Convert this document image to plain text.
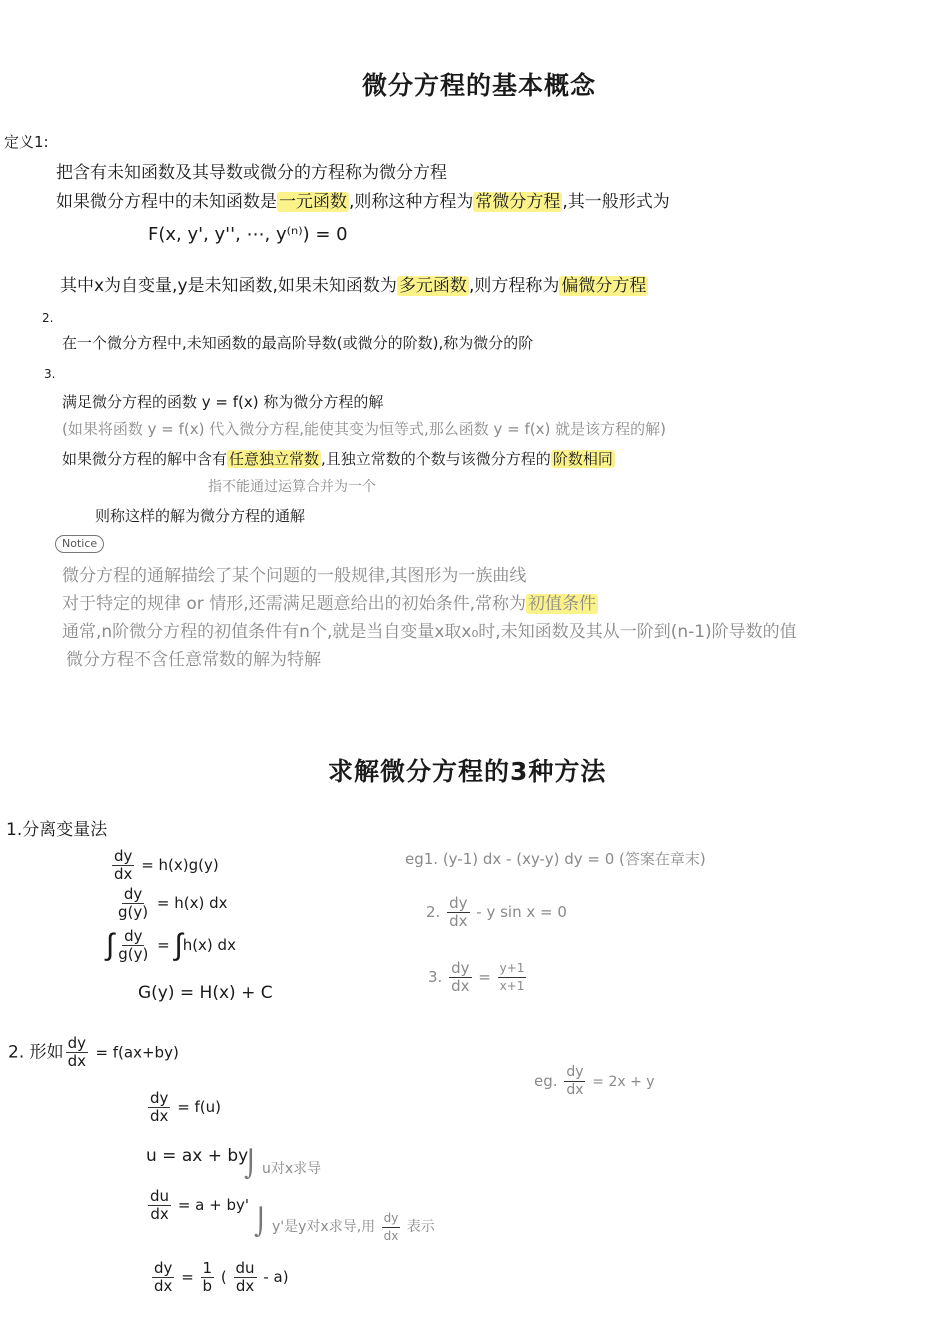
微分方程的基本概念
定义1:
把含有未知函数及其导数或微分的方程称为微分方程
如果微分方程中的未知函数是 一元函数 ,则称这种方程为 常微分方程 ,其一般形式为
F(x, y', y'', ⋯, y⁽ⁿ⁾) = 0
其中x为自变量,y是未知函数,如果未知函数为 多元函数 ,则方程称为 偏微分方程
2.
在一个微分方程中,未知函数的最高阶导数(或微分的阶数),称为微分的阶
3.
满足微分方程的函数 y = f(x) 称为微分方程的解
(如果将函数 y = f(x) 代入微分方程,能使其变为恒等式,那么函数 y = f(x) 就是该方程的解)
如果微分方程的解中含有 任意独立常数 ,且独立常数的个数与该微分方程的 阶数相同
指不能通过运算合并为一个
则称这样的解为微分方程的通解
Notice
微分方程的通解描绘了某个问题的一般规律,其图形为一族曲线
对于特定的规律 or 情形,还需满足题意给出的初始条件,常称为 初值条件
通常,n阶微分方程的初值条件有n个,就是当自变量x取x₀时,未知函数及其从一阶到(n-1)阶导数的值
微分方程不含任意常数的解为特解
求解微分方程的3种方法
1.分离变量法
$\frac{dy}{dx} = h(x)g(y)$
$\frac{dy}{g(y)} = h(x)$ dx
∫ $\frac{dy}{g(y)} = \int h(x)$ dx
G(y) = H(x) + C
eg1. (y-1) dx - (xy-y) dy = 0 (答案在章末)
2. $\frac{dy}{dx}$ - y sin x = 0
3. $\frac{dy}{dx} = \frac{y+1}{x+1}$
2. 形如 $\frac{dy}{dx} = f(ax+by)$
$\frac{dy}{dx} = f(u)$
u = ax + by
⌡ u对x求导
$\frac{du}{dx} = a + by'$
⌡ y'是y对x求导,用 $\frac{dy}{dx}$ 表示
$\frac{dy}{dx} = \frac{1}{b}$ ( $\frac{du}{dx} - a$)
eg. $\frac{dy}{dx} = 2x + y$
